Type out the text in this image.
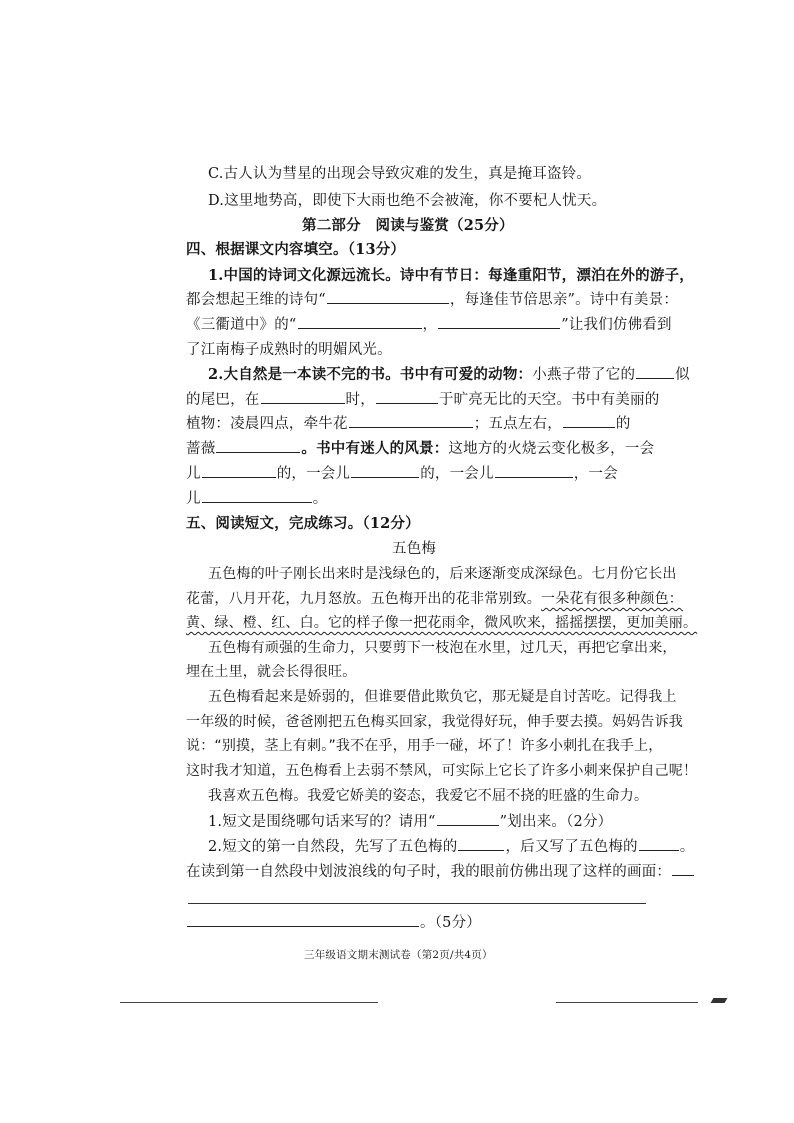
C.古人认为彗星的出现会导致灾难的发生，真是掩耳盗铃。
D.这里地势高，即使下大雨也绝不会被淹，你不要杞人忧天。
第二部分　阅读与鉴赏（25分）
四、根据课文内容填空。（13分）
1.中国的诗词文化源远流长。诗中有节日：每逢重阳节，漂泊在外的游子，
都会想起王维的诗句“	，每逢佳节倍思亲”。诗中有美景：
《三衢道中》的“	，	”让我们仿佛看到
了江南梅子成熟时的明媚风光。
2.大自然是一本读不完的书。书中有可爱的动物：小燕子带了它的	似
的尾巴，在	时，	于旷亮无比的天空。书中有美丽的
植物：凌晨四点，牵牛花	；五点左右，	的
蔷薇	。书中有迷人的风景：这地方的火烧云变化极多，一会
儿	的，一会儿	的，一会儿	，一会
儿	。
五、阅读短文，完成练习。（12分）
五色梅
五色梅的叶子刚长出来时是浅绿色的，后来逐渐变成深绿色。七月份它长出
花蕾，八月开花，九月怒放。五色梅开出的花非常别致。一朵花有很多种颜色：
黄、绿、橙、红、白。它的样子像一把花雨伞，微风吹来，摇摇摆摆，更加美丽。
五色梅有顽强的生命力，只要剪下一枝泡在水里，过几天，再把它拿出来，
埋在土里，就会长得很旺。
五色梅看起来是娇弱的，但谁要借此欺负它，那无疑是自讨苦吃。记得我上
一年级的时候，爸爸刚把五色梅买回家，我觉得好玩，伸手要去摸。妈妈告诉我
说：“别摸，茎上有刺。”我不在乎，用手一碰，坏了！许多小刺扎在我手上，
这时我才知道，五色梅看上去弱不禁风，可实际上它长了许多小刺来保护自己呢！
我喜欢五色梅。我爱它娇美的姿态，我爱它不屈不挠的旺盛的生命力。
1.短文是围绕哪句话来写的？请用“	”划出来。（2分）
2.短文的第一自然段，先写了五色梅的	，后又写了五色梅的	。
在读到第一自然段中划波浪线的句子时，我的眼前仿佛出现了这样的画面：
。（5分）
三年级语文期末测试卷（第2页/共4页）
